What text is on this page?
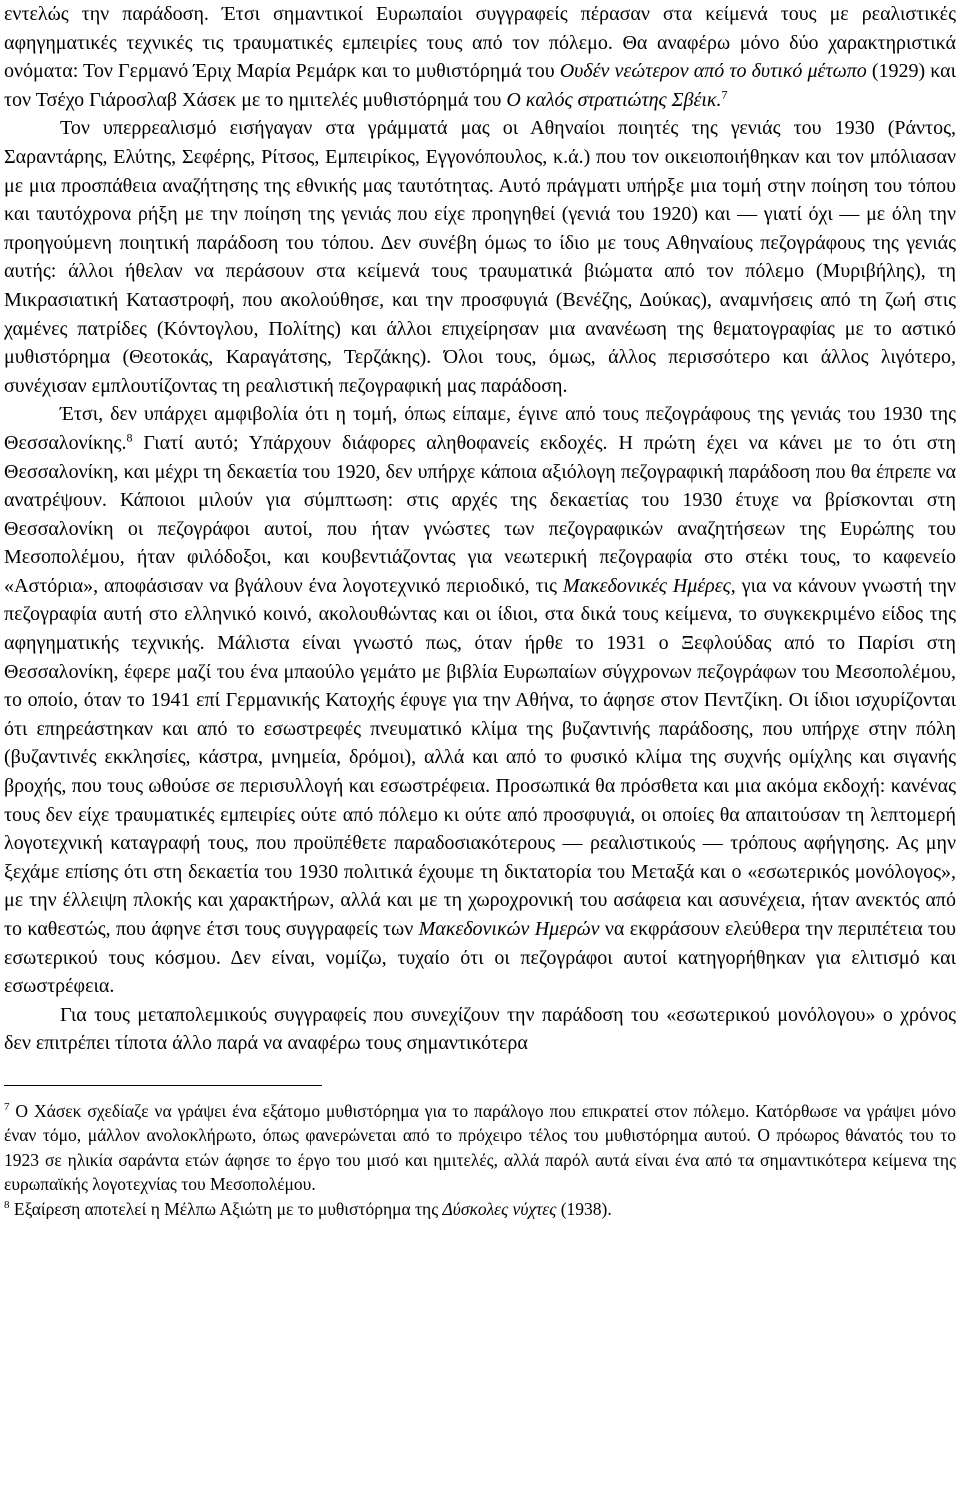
εντελώς την παράδοση. Έτσι σημαντικοί Ευρωπαίοι συγγραφείς πέρασαν στα κείμενά τους με ρεαλιστικές αφηγηματικές τεχνικές τις τραυματικές εμπειρίες τους από τον πόλεμο. Θα αναφέρω μόνο δύο χαρακτηριστικά ονόματα: Τον Γερμανό Έριχ Μαρία Ρεμάρκ και το μυθιστόρημά του Ουδέν νεώτερον από το δυτικό μέτωπο (1929) και τον Τσέχο Γιάροσλαβ Χάσεκ με το ημιτελές μυθιστόρημά του Ο καλός στρατιώτης Σβέικ.$^7$

Τον υπερρεαλισμό εισήγαγαν στα γράμματά μας οι Αθηναίοι ποιητές της γενιάς του 1930 (Ράντος, Σαραντάρης, Ελύτης, Σεφέρης, Ρίτσος, Εμπειρίκος, Εγγονόπουλος, κ.ά.) που τον οικειοποιήθηκαν και τον μπόλιασαν με μια προσπάθεια αναζήτησης της εθνικής μας ταυτότητας. Αυτό πράγματι υπήρξε μια τομή στην ποίηση του τόπου και ταυτόχρονα ρήξη με την ποίηση της γενιάς που είχε προηγηθεί (γενιά του 1920) και — γιατί όχι — με όλη την προηγούμενη ποιητική παράδοση του τόπου. Δεν συνέβη όμως το ίδιο με τους Αθηναίους πεζογράφους της γενιάς αυτής: άλλοι ήθελαν να περάσουν στα κείμενά τους τραυματικά βιώματα από τον πόλεμο (Μυριβήλης), τη Μικρασιατική Καταστροφή, που ακολούθησε, και την προσφυγιά (Βενέζης, Δούκας), αναμνήσεις από τη ζωή στις χαμένες πατρίδες (Κόντογλου, Πολίτης) και άλλοι επιχείρησαν μια ανανέωση της θεματογραφίας με το αστικό μυθιστόρημα (Θεοτοκάς, Καραγάτσης, Τερζάκης). Όλοι τους, όμως, άλλος περισσότερο και άλλος λιγότερο, συνέχισαν εμπλουτίζοντας τη ρεαλιστική πεζογραφική μας παράδοση.

Έτσι, δεν υπάρχει αμφιβολία ότι η τομή, όπως είπαμε, έγινε από τους πεζογράφους της γενιάς του 1930 της Θεσσαλονίκης.$^8$ Γιατί αυτό; Υπάρχουν διάφορες αληθοφανείς εκδοχές. Η πρώτη έχει να κάνει με το ότι στη Θεσσαλονίκη, και μέχρι τη δεκαετία του 1920, δεν υπήρχε κάποια αξιόλογη πεζογραφική παράδοση που θα έπρεπε να ανατρέψουν. Κάποιοι μιλούν για σύμπτωση: στις αρχές της δεκαετίας του 1930 έτυχε να βρίσκονται στη Θεσσαλονίκη οι πεζογράφοι αυτοί, που ήταν γνώστες των πεζογραφικών αναζητήσεων της Ευρώπης του Μεσοπολέμου, ήταν φιλόδοξοι, και κουβεντιάζοντας για νεωτερική πεζογραφία στο στέκι τους, το καφενείο «Αστόρια», αποφάσισαν να βγάλουν ένα λογοτεχνικό περιοδικό, τις Μακεδονικές Ημέρες, για να κάνουν γνωστή την πεζογραφία αυτή στο ελληνικό κοινό, ακολουθώντας και οι ίδιοι, στα δικά τους κείμενα, το συγκεκριμένο είδος της αφηγηματικής τεχνικής. Μάλιστα είναι γνωστό πως, όταν ήρθε το 1931 ο Ξεφλούδας από το Παρίσι στη Θεσσαλονίκη, έφερε μαζί του ένα μπαούλο γεμάτο με βιβλία Ευρωπαίων σύγχρονων πεζογράφων του Μεσοπολέμου, το οποίο, όταν το 1941 επί Γερμανικής Κατοχής έφυγε για την Αθήνα, το άφησε στον Πεντζίκη. Οι ίδιοι ισχυρίζονται ότι επηρεάστηκαν και από το εσωστρεφές πνευματικό κλίμα της βυζαντινής παράδοσης, που υπήρχε στην πόλη (βυζαντινές εκκλησίες, κάστρα, μνημεία, δρόμοι), αλλά και από το φυσικό κλίμα της συχνής ομίχλης και σιγανής βροχής, που τους ωθούσε σε περισυλλογή και εσωστρέφεια. Προσωπικά θα πρόσθετα και μια ακόμα εκδοχή: κανένας τους δεν είχε τραυματικές εμπειρίες ούτε από πόλεμο κι ούτε από προσφυγιά, οι οποίες θα απαιτούσαν τη λεπτομερή λογοτεχνική καταγραφή τους, που προϋπέθετε παραδοσιακότερους — ρεαλιστικούς — τρόπους αφήγησης. Ας μην ξεχάμε επίσης ότι στη δεκαετία του 1930 πολιτικά έχουμε τη δικτατορία του Μεταξά και ο «εσωτερικός μονόλογος», με την έλλειψη πλοκής και χαρακτήρων, αλλά και με τη χωροχρονική του ασάφεια και ασυνέχεια, ήταν ανεκτός από το καθεστώς, που άφηνε έτσι τους συγγραφείς των Μακεδονικών Ημερών να εκφράσουν ελεύθερα την περιπέτεια του εσωτερικού τους κόσμου. Δεν είναι, νομίζω, τυχαίο ότι οι πεζογράφοι αυτοί κατηγορήθηκαν για ελιτισμό και εσωστρέφεια.

Για τους μεταπολεμικούς συγγραφείς που συνεχίζουν την παράδοση του «εσωτερικού μονόλογου» ο χρόνος δεν επιτρέπει τίποτα άλλο παρά να αναφέρω τους σημαντικότερα

$^7$ Ο Χάσεκ σχεδίαζε να γράψει ένα εξάτομο μυθιστόρημα για το παράλογο που επικρατεί στον πόλεμο. Κατόρθωσε να γράψει μόνο έναν τόμο, μάλλον ανολοκλήρωτο, όπως φανερώνεται από το πρόχειρο τέλος του μυθιστόρημα αυτού. Ο πρόωρος θάνατός του το 1923 σε ηλικία σαράντα ετών άφησε το έργο του μισό και ημιτελές, αλλά παρόλ αυτά είναι ένα από τα σημαντικότερα κείμενα της ευρωπαϊκής λογοτεχνίας του Μεσοπολέμου.

$^8$ Εξαίρεση αποτελεί η Μέλπω Αξιώτη με το μυθιστόρημα της Δύσκολες νύχτες (1938).
